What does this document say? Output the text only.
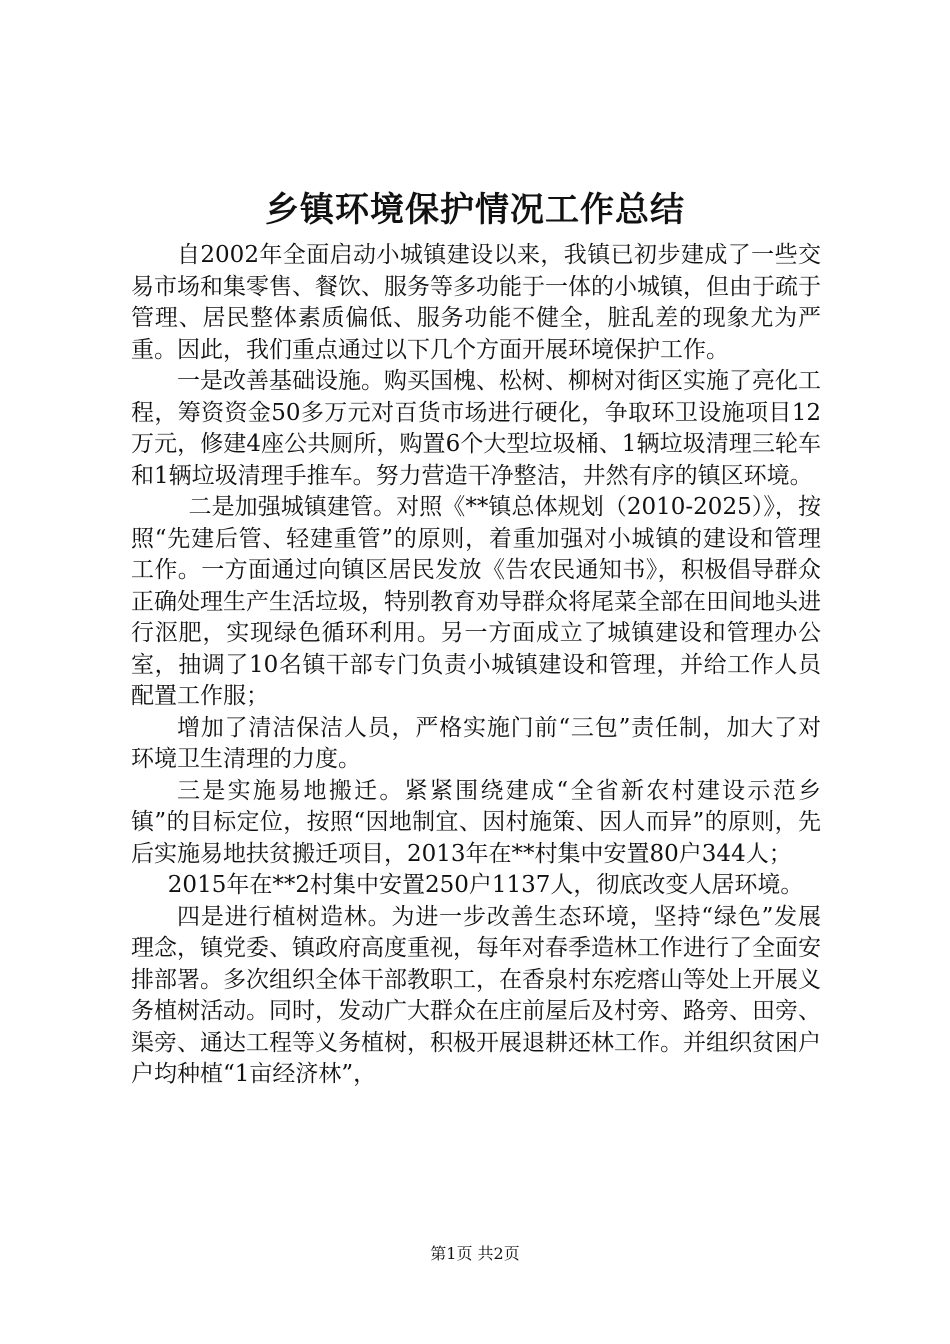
乡镇环境保护情况工作总结

自2002年全面启动小城镇建设以来，我镇已初步建成了一些交易市场和集零售、餐饮、服务等多功能于一体的小城镇，但由于疏于管理、居民整体素质偏低、服务功能不健全，脏乱差的现象尤为严重。因此，我们重点通过以下几个方面开展环境保护工作。

一是改善基础设施。购买国槐、松树、柳树对街区实施了亮化工程，筹资资金50多万元对百货市场进行硬化，争取环卫设施项目12万元，修建4座公共厕所，购置6个大型垃圾桶、1辆垃圾清理三轮车和1辆垃圾清理手推车。努力营造干净整洁，井然有序的镇区环境。

二是加强城镇建管。对照《**镇总体规划（2010-2025）》，按照“先建后管、轻建重管”的原则，着重加强对小城镇的建设和管理工作。一方面通过向镇区居民发放《告农民通知书》，积极倡导群众正确处理生产生活垃圾，特别教育劝导群众将尾菜全部在田间地头进行沤肥，实现绿色循环利用。另一方面成立了城镇建设和管理办公室，抽调了10名镇干部专门负责小城镇建设和管理，并给工作人员配置工作服；

增加了清洁保洁人员，严格实施门前“三包”责任制，加大了对环境卫生清理的力度。

三是实施易地搬迁。紧紧围绕建成“全省新农村建设示范乡镇”的目标定位，按照“因地制宜、因村施策、因人而异”的原则，先后实施易地扶贫搬迁项目，2013年在**村集中安置80户344人；

2015年在**2村集中安置250户1137人，彻底改变人居环境。

四是进行植树造林。为进一步改善生态环境，坚持“绿色”发展理念，镇党委、镇政府高度重视，每年对春季造林工作进行了全面安排部署。多次组织全体干部教职工，在香泉村东疙瘩山等处上开展义务植树活动。同时，发动广大群众在庄前屋后及村旁、路旁、田旁、渠旁、通达工程等义务植树，积极开展退耕还林工作。并组织贫困户户均种植“1亩经济林”，

第1页 共2页
